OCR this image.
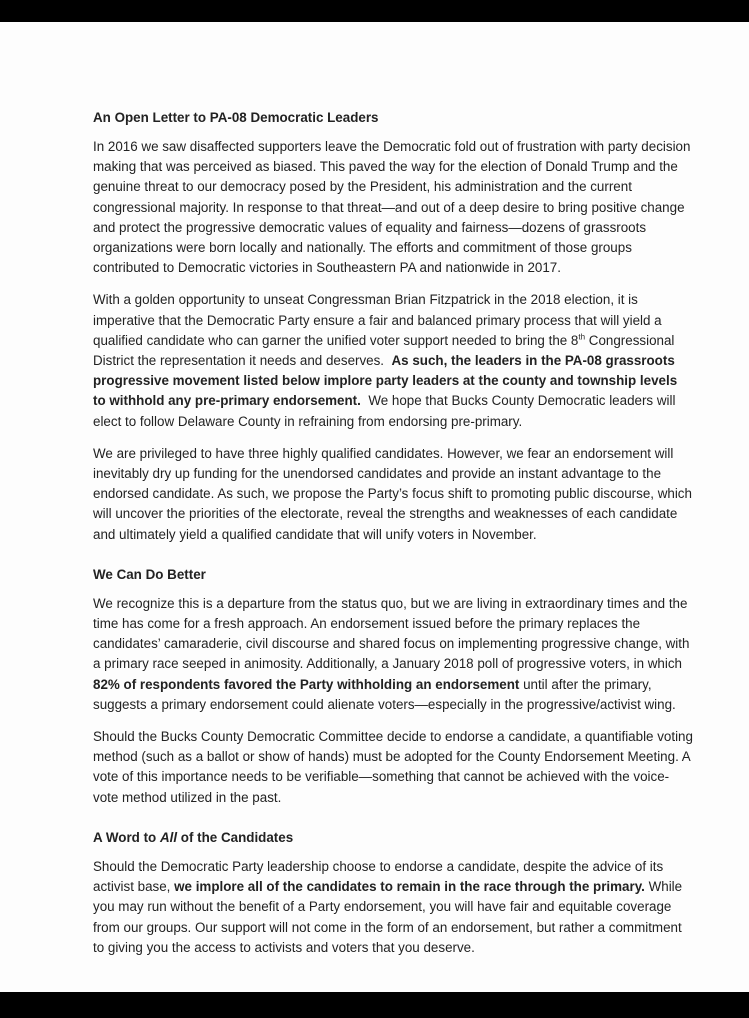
An Open Letter to PA-08 Democratic Leaders

In 2016 we saw disaffected supporters leave the Democratic fold out of frustration with party decision making that was perceived as biased. This paved the way for the election of Donald Trump and the genuine threat to our democracy posed by the President, his administration and the current congressional majority. In response to that threat—and out of a deep desire to bring positive change and protect the progressive democratic values of equality and fairness—dozens of grassroots organizations were born locally and nationally. The efforts and commitment of those groups contributed to Democratic victories in Southeastern PA and nationwide in 2017.

With a golden opportunity to unseat Congressman Brian Fitzpatrick in the 2018 election, it is imperative that the Democratic Party ensure a fair and balanced primary process that will yield a qualified candidate who can garner the unified voter support needed to bring the 8th Congressional District the representation it needs and deserves. As such, the leaders in the PA-08 grassroots progressive movement listed below implore party leaders at the county and township levels to withhold any pre-primary endorsement. We hope that Bucks County Democratic leaders will elect to follow Delaware County in refraining from endorsing pre-primary.

We are privileged to have three highly qualified candidates. However, we fear an endorsement will inevitably dry up funding for the unendorsed candidates and provide an instant advantage to the endorsed candidate. As such, we propose the Party’s focus shift to promoting public discourse, which will uncover the priorities of the electorate, reveal the strengths and weaknesses of each candidate and ultimately yield a qualified candidate that will unify voters in November.

We Can Do Better

We recognize this is a departure from the status quo, but we are living in extraordinary times and the time has come for a fresh approach. An endorsement issued before the primary replaces the candidates’ camaraderie, civil discourse and shared focus on implementing progressive change, with a primary race seeped in animosity. Additionally, a January 2018 poll of progressive voters, in which 82% of respondents favored the Party withholding an endorsement until after the primary, suggests a primary endorsement could alienate voters—especially in the progressive/activist wing.

Should the Bucks County Democratic Committee decide to endorse a candidate, a quantifiable voting method (such as a ballot or show of hands) must be adopted for the County Endorsement Meeting. A vote of this importance needs to be verifiable—something that cannot be achieved with the voice-vote method utilized in the past.

A Word to All of the Candidates

Should the Democratic Party leadership choose to endorse a candidate, despite the advice of its activist base, we implore all of the candidates to remain in the race through the primary. While you may run without the benefit of a Party endorsement, you will have fair and equitable coverage from our groups. Our support will not come in the form of an endorsement, but rather a commitment to giving you the access to activists and voters that you deserve.
